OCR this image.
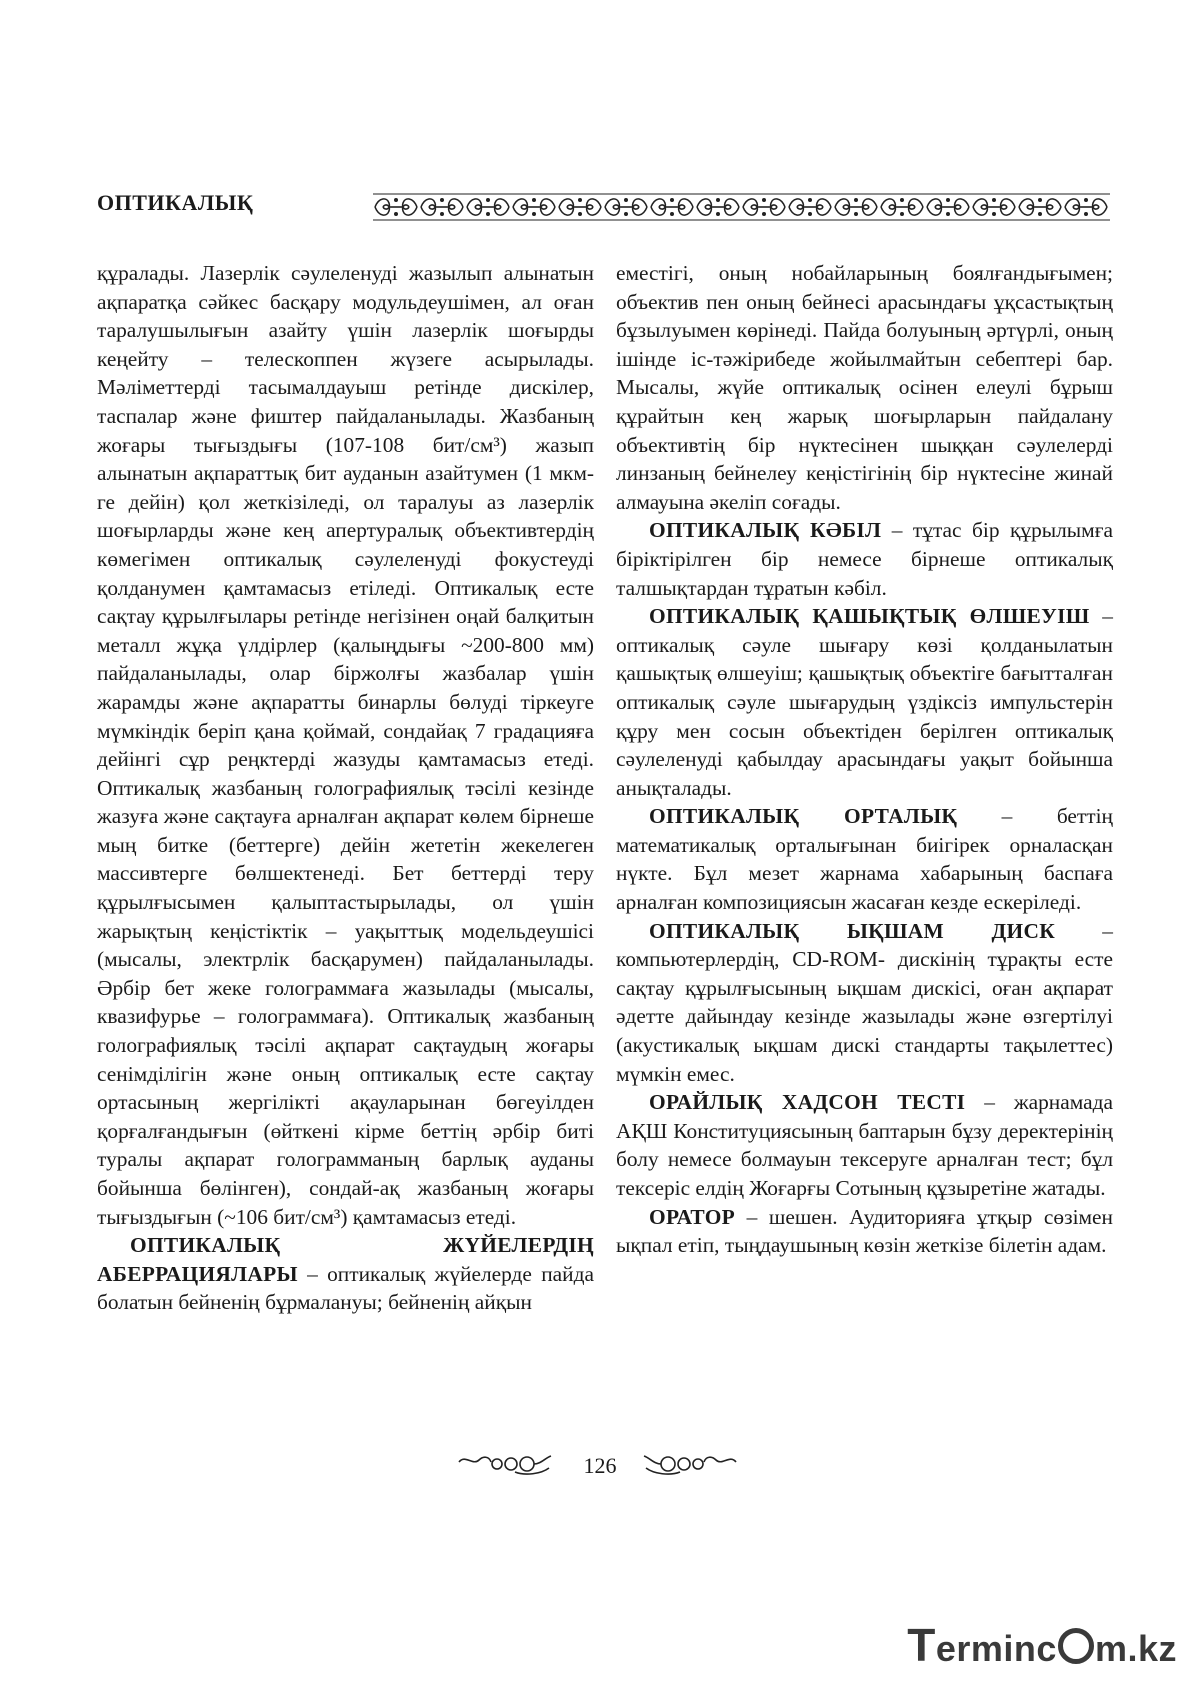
ОПТИКАЛЫҚ

құралады. Лазерлік сәулеленуді жазылып алынатын ақпаратқа сәйкес басқару модульдеушімен, ал оған таралушылығын азайту үшін лазерлік шоғырды кеңейту – телескоппен жүзеге асырылады. Мәліметтерді тасымалдауыш ретінде дискілер, таспалар және фиштер пайдаланылады. Жазбаның жоғары тығыздығы (107-108 бит/см³) жазып алынатын ақпараттық бит ауданын азайтумен (1 мкм-ге дейін) қол жеткізіледі, ол таралуы аз лазерлік шоғырларды және кең апертуралық объективтердің көмегімен оптикалық сәулеленуді фокустеуді қолданумен қамтамасыз етіледі. Оптикалық есте сақтау құрылғылары ретінде негізінен оңай балқитын металл жұқа үлдірлер (қалыңдығы ~200-800 мм) пайдаланылады, олар біржолғы жазбалар үшін жарамды және ақпаратты бинарлы бөлуді тіркеуге мүмкіндік беріп қана қоймай, сондайақ 7 градацияға дейінгі сұр реңктерді жазуды қамтамасыз етеді. Оптикалық жазбаның голографиялық тәсілі кезінде жазуға және сақтауға арналған ақпарат көлем бірнеше мың битке (беттерге) дейін жететін жекелеген массивтерге бөлшектенеді. Бет беттерді теру құрылғысымен қалыптастырылады, ол үшін жарықтың кеңістіктік – уақыттық модельдеушісі (мысалы, электрлік басқарумен) пайдаланылады. Әрбір бет жеке голограммаға жазылады (мысалы, квазифурье – голограммаға). Оптикалық жазбаның голографиялық тәсілі ақпарат сақтаудың жоғары сенімділігін және оның оптикалық есте сақтау ортасының жергілікті ақауларынан бөгеуілден қорғалғандығын (өйткені кірме беттің әрбір биті туралы ақпарат голограмманың барлық ауданы бойынша бөлінген), сондай-ақ жазбаның жоғары тығыздығын (~106 бит/см³) қамтамасыз етеді.

ОПТИКАЛЫҚ ЖҮЙЕЛЕРДІҢ АБЕРРАЦИЯЛАРЫ – оптикалық жүйелерде пайда болатын бейненің бұрмалануы; бейненің айқын

еместігі, оның нобайларының боялғандығымен; объектив пен оның бейнесі арасындағы ұқсастықтың бұзылуымен көрінеді. Пайда болуының әртүрлі, оның ішінде іс-тәжірибеде жойылмайтын себептері бар. Мысалы, жүйе оптикалық осінен елеулі бұрыш құрайтын кең жарық шоғырларын пайдалану объективтің бір нүктесінен шыққан сәулелерді линзаның бейнелеу кеңістігінің бір нүктесіне жинай алмауына әкеліп соғады.

ОПТИКАЛЫҚ КӘБІЛ – тұтас бір құрылымға біріктірілген бір немесе бірнеше оптикалық талшықтардан тұратын кәбіл.

ОПТИКАЛЫҚ ҚАШЫҚТЫҚ ӨЛШЕУІШ – оптикалық сәуле шығару көзі қолданылатын қашықтық өлшеуіш; қашықтық объектіге бағытталған оптикалық сәуле шығарудың үздіксіз импульстерін құру мен сосын объектіден берілген оптикалық сәулеленуді қабылдау арасындағы уақыт бойынша анықталады.

ОПТИКАЛЫҚ ОРТАЛЫҚ – беттің математикалық орталығынан биігірек орналасқан нүкте. Бұл мезет жарнама хабарының баспаға арналған композициясын жасаған кезде ескеріледі.

ОПТИКАЛЫҚ ЫҚШАМ ДИСК – компьютерлердің, CD-ROM- дискінің тұрақты есте сақтау құрылғысының ықшам дискісі, оған ақпарат әдетте дайындау кезінде жазылады және өзгертілуі (акустикалық ықшам диcкі стандарты тақылеттес) мүмкін емес.

ОРАЙЛЫҚ ХАДСОН ТЕСТІ – жарнамада АҚШ Конституциясының баптарын бұзу деректерінің болу немесе болмауын тексеруге арналған тест; бұл тексеріс елдің Жоғарғы Сотының құзыретіне жатады.

ОРАТОР – шешен. Аудиторияға ұтқыр сөзімен ықпал етіп, тыңдаушының көзін жеткізе білетін адам.

126
Terminc m.kz
